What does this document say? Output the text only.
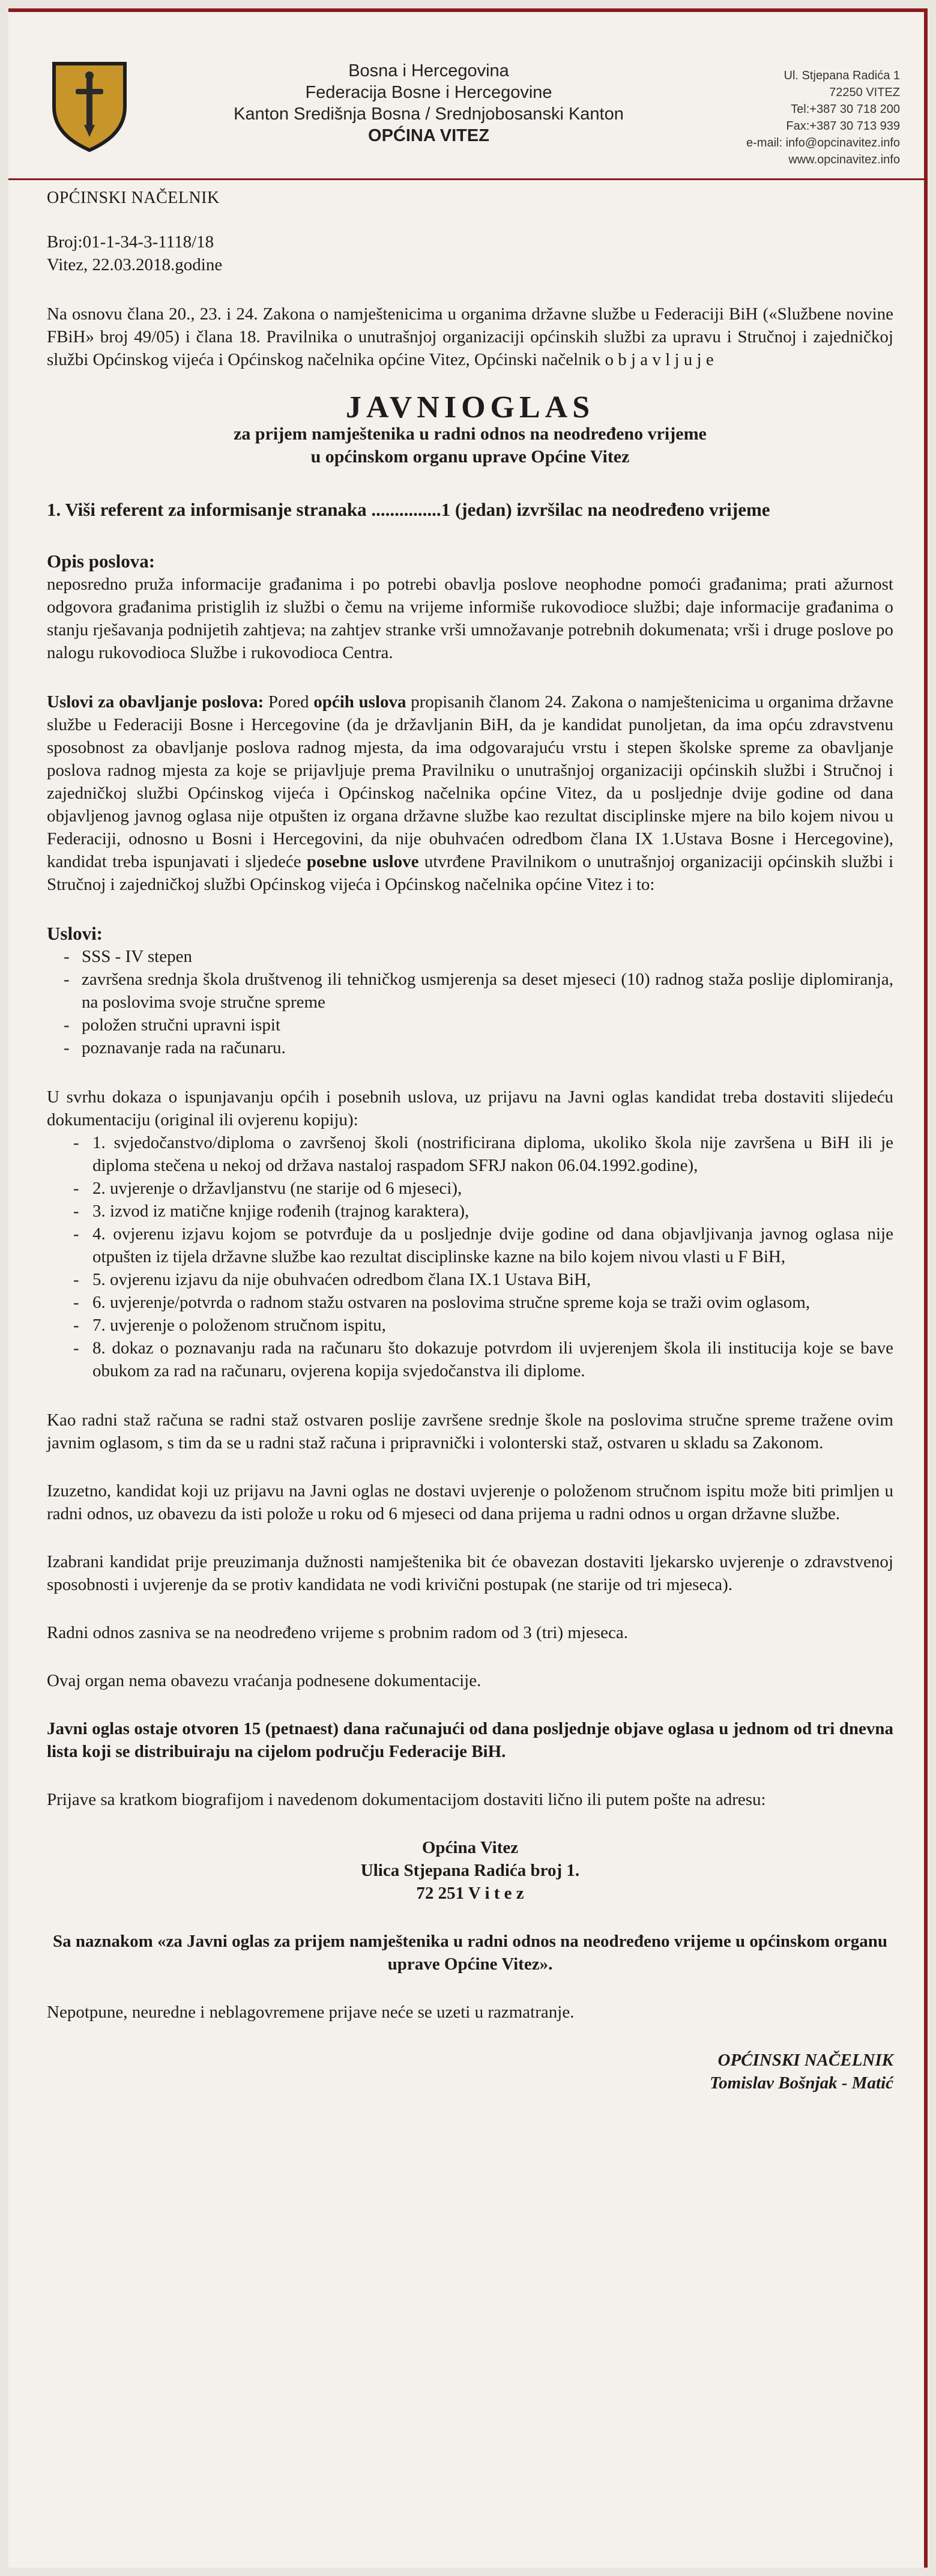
Bosna i Hercegovina
Federacija Bosne i Hercegovine
Kanton Središnja Bosna / Srednjobosanski Kanton
OPĆINA VITEZ
Ul. Stjepana Radića 1
72250 VITEZ
Tel:+387 30 718 200
Fax:+387 30 713 939
e-mail: info@opcinavitez.info
www.opcinavitez.info
OPĆINSKI NAČELNIK
Broj:01-1-34-3-1118/18
Vitez, 22.03.2018.godine

Na osnovu člana 20., 23. i 24. Zakona o namještenicima u organima državne službe u Federaciji BiH («Službene novine FBiH» broj 49/05) i člana 18. Pravilnika o unutrašnjoj organizaciji općinskih službi za upravu i Stručnoj i zajedničkoj službi Općinskog vijeća i Općinskog načelnika općine Vitez, Općinski načelnik o b j a v l j u j e

JAVNIOGLAS
za prijem namještenika u radni odnos na neodređeno vrijeme
u općinskom organu uprave Općine Vitez
1. Viši referent za informisanje stranaka ...............1 (jedan) izvršilac na neodređeno vrijeme
Opis poslova:
neposredno pruža informacije građanima i po potrebi obavlja poslove neophodne pomoći građanima; prati ažurnost odgovora građanima pristiglih iz službi o čemu na vrijeme informiše rukovodioce službi; daje informacije građanima o stanju rješavanja podnijetih zahtjeva; na zahtjev stranke vrši umnožavanje potrebnih dokumenata; vrši i druge poslove po nalogu rukovodioca Službe i rukovodioca Centra.
Uslovi za obavljanje poslova: Pored općih uslova propisanih članom 24. Zakona o namještenicima u organima državne službe u Federaciji Bosne i Hercegovine (da je državljanin BiH, da je kandidat punoljetan, da ima opću zdravstvenu sposobnost za obavljanje poslova radnog mjesta, da ima odgovarajuću vrstu i stepen školske spreme za obavljanje poslova radnog mjesta za koje se prijavljuje prema Pravilniku o unutrašnjoj organizaciji općinskih službi i Stručnoj i zajedničkoj službi Općinskog vijeća i Općinskog načelnika općine Vitez, da u posljednje dvije godine od dana objavljenog javnog oglasa nije otpušten iz organa državne službe kao rezultat disciplinske mjere na bilo kojem nivou u Federaciji, odnosno u Bosni i Hercegovini, da nije obuhvaćen odredbom člana IX 1.Ustava Bosne i Hercegovine), kandidat treba ispunjavati i sljedeće posebne uslove utvrđene Pravilnikom o unutrašnjoj organizaciji općinskih službi i Stručnoj i zajedničkoj službi Općinskog vijeća i Općinskog načelnika općine Vitez i to:
Uslovi:
- SSS - IV stepen
- završena srednja škola društvenog ili tehničkog usmjerenja sa deset mjeseci (10) radnog staža poslije diplomiranja, na poslovima svoje stručne spreme
- položen stručni upravni ispit
- poznavanje rada na računaru.
U svrhu dokaza o ispunjavanju općih i posebnih uslova, uz prijavu na Javni oglas kandidat treba dostaviti slijedeću dokumentaciju (original ili ovjerenu kopiju):
- 1. svjedočanstvo/diploma o završenoj školi (nostrificirana diploma, ukoliko škola nije završena u BiH ili je diploma stečena u nekoj od država nastaloj raspadom SFRJ nakon 06.04.1992.godine),
- 2. uvjerenje o državljanstvu (ne starije od 6 mjeseci),
- 3. izvod iz matične knjige rođenih (trajnog karaktera),
- 4. ovjerenu izjavu kojom se potvrđuje da u posljednje dvije godine od dana objavljivanja javnog oglasa nije otpušten iz tijela državne službe kao rezultat disciplinske kazne na bilo kojem nivou vlasti u F BiH,
- 5. ovjerenu izjavu da nije obuhvaćen odredbom člana IX.1 Ustava BiH,
- 6. uvjerenje/potvrda o radnom stažu ostvaren na poslovima stručne spreme koja se traži ovim oglasom,
- 7. uvjerenje o položenom stručnom ispitu,
- 8. dokaz o poznavanju rada na računaru što dokazuje potvrdom ili uvjerenjem škola ili institucija koje se bave obukom za rad na računaru, ovjerena kopija svjedočanstva ili diplome.

Kao radni staž računa se radni staž ostvaren poslije završene srednje škole na poslovima stručne spreme tražene ovim javnim oglasom, s tim da se u radni staž računa i pripravnički i volonterski staž, ostvaren u skladu sa Zakonom.

Izuzetno, kandidat koji uz prijavu na Javni oglas ne dostavi uvjerenje o položenom stručnom ispitu može biti primljen u radni odnos, uz obavezu da isti polože u roku od 6 mjeseci od dana prijema u radni odnos u organ državne službe.

Izabrani kandidat prije preuzimanja dužnosti namještenika bit će obavezan dostaviti ljekarsko uvjerenje o zdravstvenoj sposobnosti i uvjerenje da se protiv kandidata ne vodi krivični postupak (ne starije od tri mjeseca).

Radni odnos zasniva se na neodređeno vrijeme s probnim radom od 3 (tri) mjeseca.

Ovaj organ nema obavezu vraćanja podnesene dokumentacije.

Javni oglas ostaje otvoren 15 (petnaest) dana računajući od dana posljednje objave oglasa u jednom od tri dnevna lista koji se distribuiraju na cijelom području Federacije BiH.

Prijave sa kratkom biografijom i navedenom dokumentacijom dostaviti lično ili putem pošte na adresu:

Općina Vitez
Ulica Stjepana Radića broj 1.
72 251 V i t e z

Sa naznakom «za Javni oglas za prijem namještenika u radni odnos na neodređeno vrijeme u općinskom organu uprave Općine Vitez».

Nepotpune, neuredne i neblagovremene prijave neće se uzeti u razmatranje.

OPĆINSKI NAČELNIK
Tomislav Bošnjak - Matić
